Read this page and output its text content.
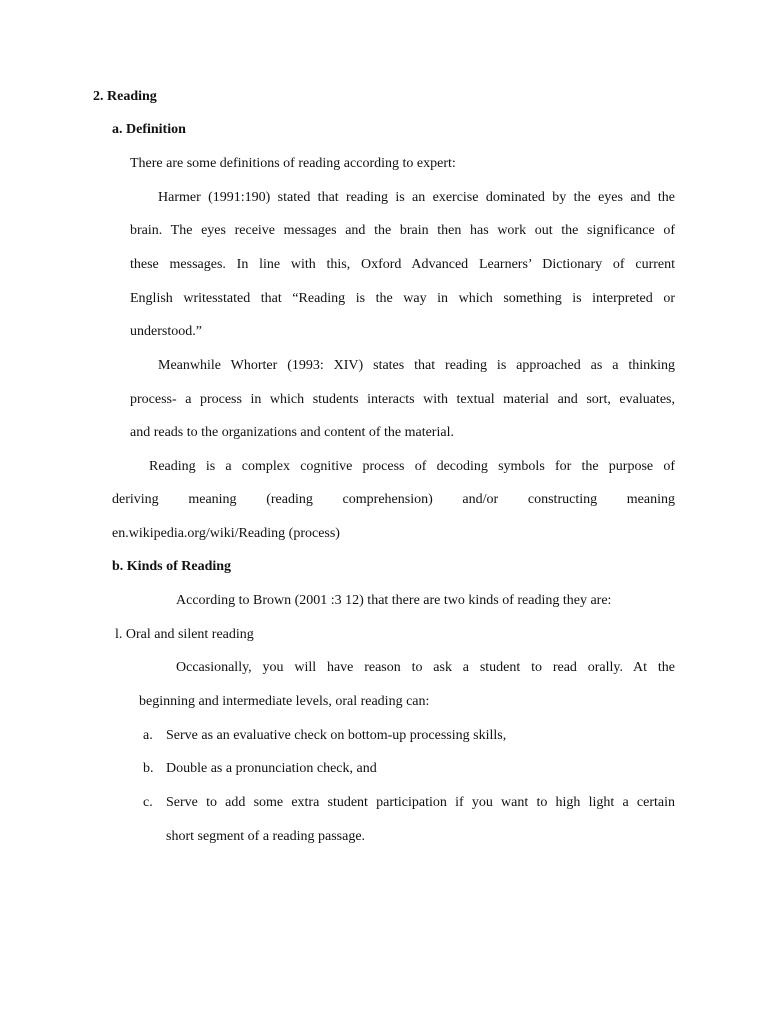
2. Reading
a. Definition
There are some definitions of reading according to expert:
Harmer (1991:190) stated that reading is an exercise dominated by the eyes and the
brain. The eyes receive messages and the brain then has work out the significance of
these messages. In line with this, Oxford Advanced Learners’ Dictionary of current
English writesstated that “Reading is the way in which something is interpreted or
understood.”
Meanwhile Whorter (1993: XIV) states that reading is approached as a thinking
process- a process in which students interacts with textual material and sort, evaluates,
and reads to the organizations and content of the material.
Reading is a complex cognitive process of decoding symbols for the purpose of
deriving meaning (reading comprehension) and/or constructing meaning
en.wikipedia.org/wiki/Reading (process)
b. Kinds of Reading
According to Brown (2001 :3 12) that there are two kinds of reading they are:
l. Oral and silent reading
Occasionally, you will have reason to ask a student to read orally. At the
beginning and intermediate levels, oral reading can:
a. Serve as an evaluative check on bottom-up processing skills,
b. Double as a pronunciation check, and
c. Serve to add some extra student participation if you want to high light a certain
short segment of a reading passage.
